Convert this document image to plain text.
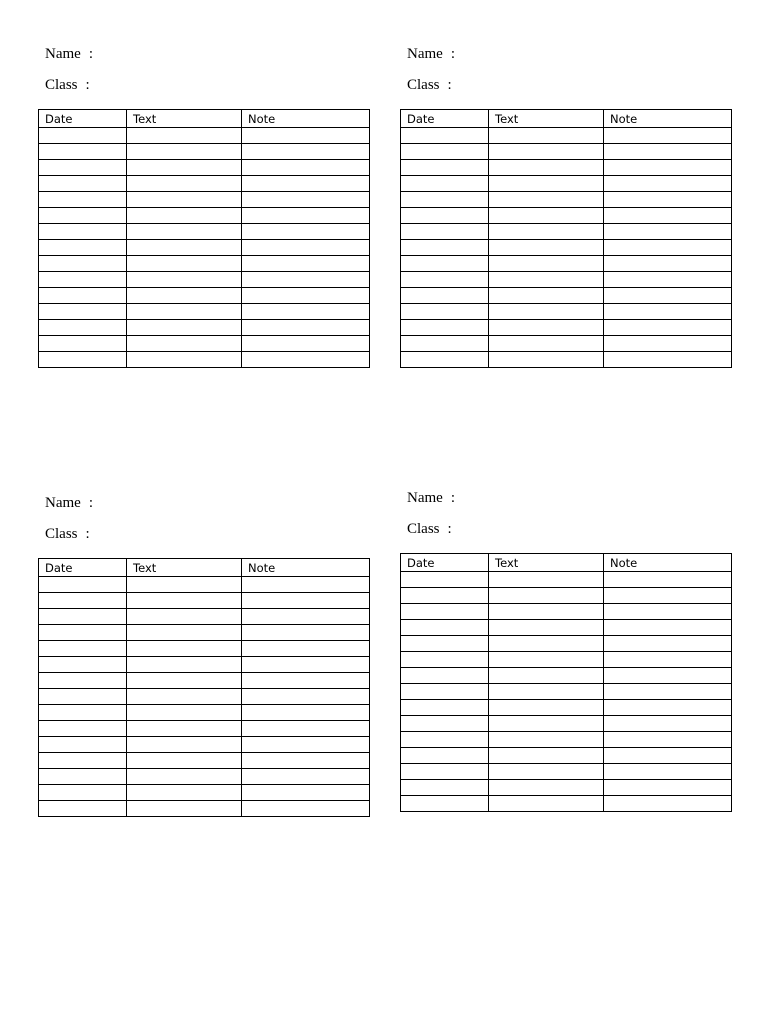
Name :
Class :
Date	Text	Note

Name :
Class :
Date	Text	Note

Name :
Class :
Date	Text	Note

Name :
Class :
Date	Text	Note
